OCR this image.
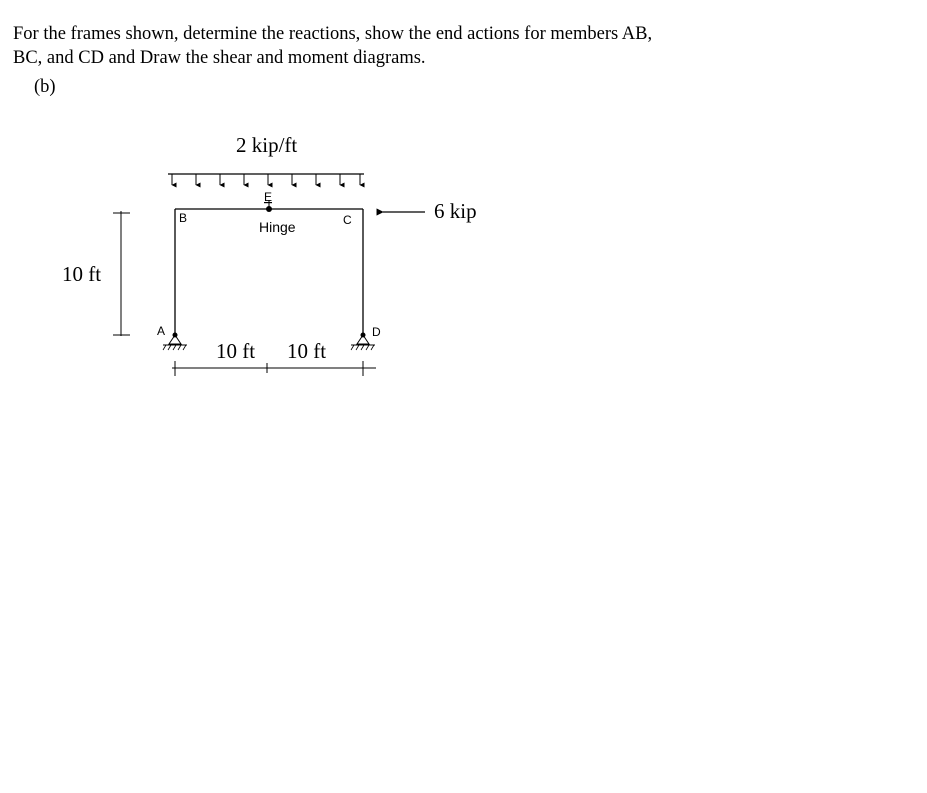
For the frames shown, determine the reactions, show the end actions for members AB,
BC, and CD and Draw the shear and moment diagrams.
(b)
2 kip/ft
E
Hinge
B	C
A	D
6 kip
10 ft
10 ft 10 ft
